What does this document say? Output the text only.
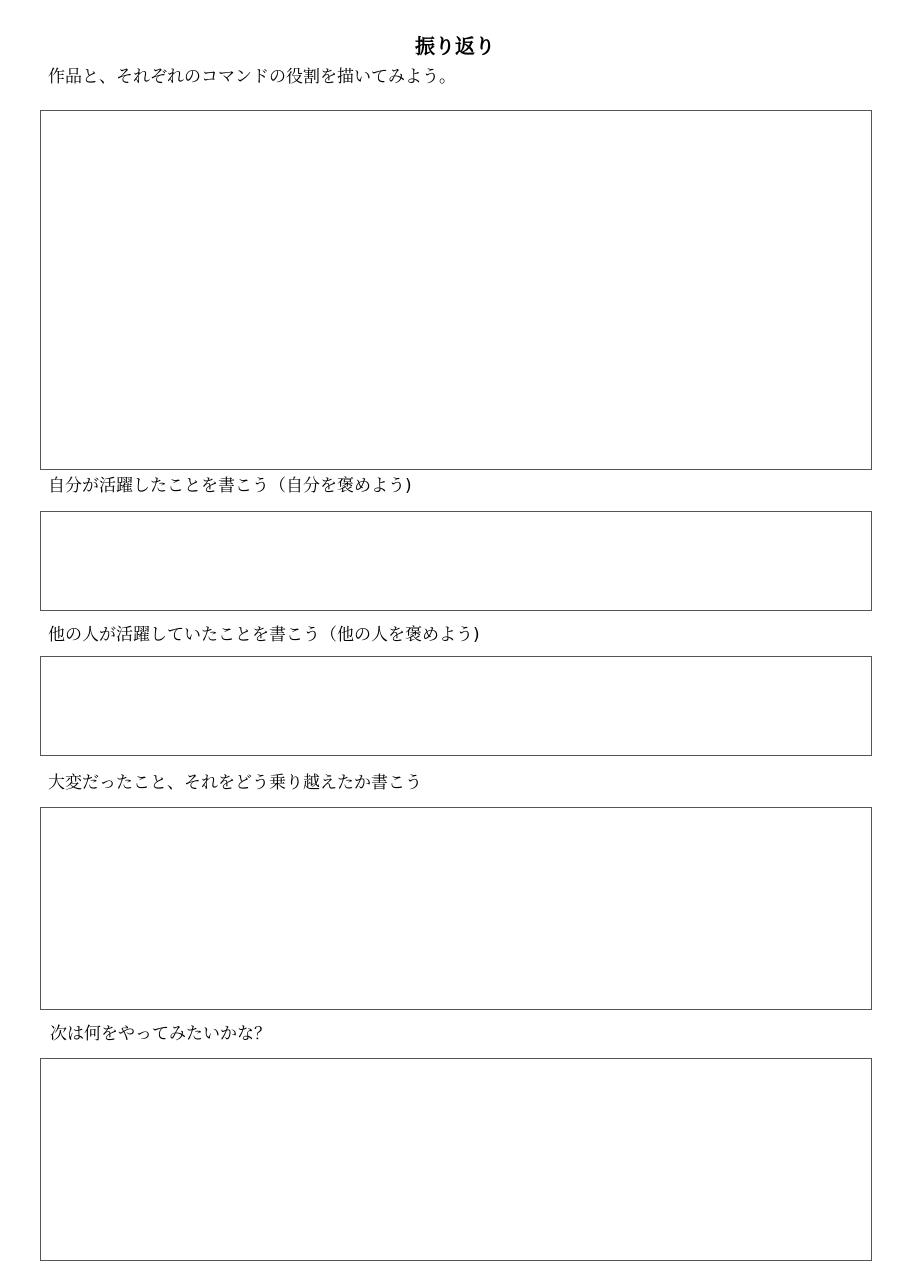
振り返り
作品と、それぞれのコマンドの役割を描いてみよう。
自分が活躍したことを書こう（自分を褒めよう)
他の人が活躍していたことを書こう（他の人を褒めよう)
大変だったこと、それをどう乗り越えたか書こう
次は何をやってみたいかな？
